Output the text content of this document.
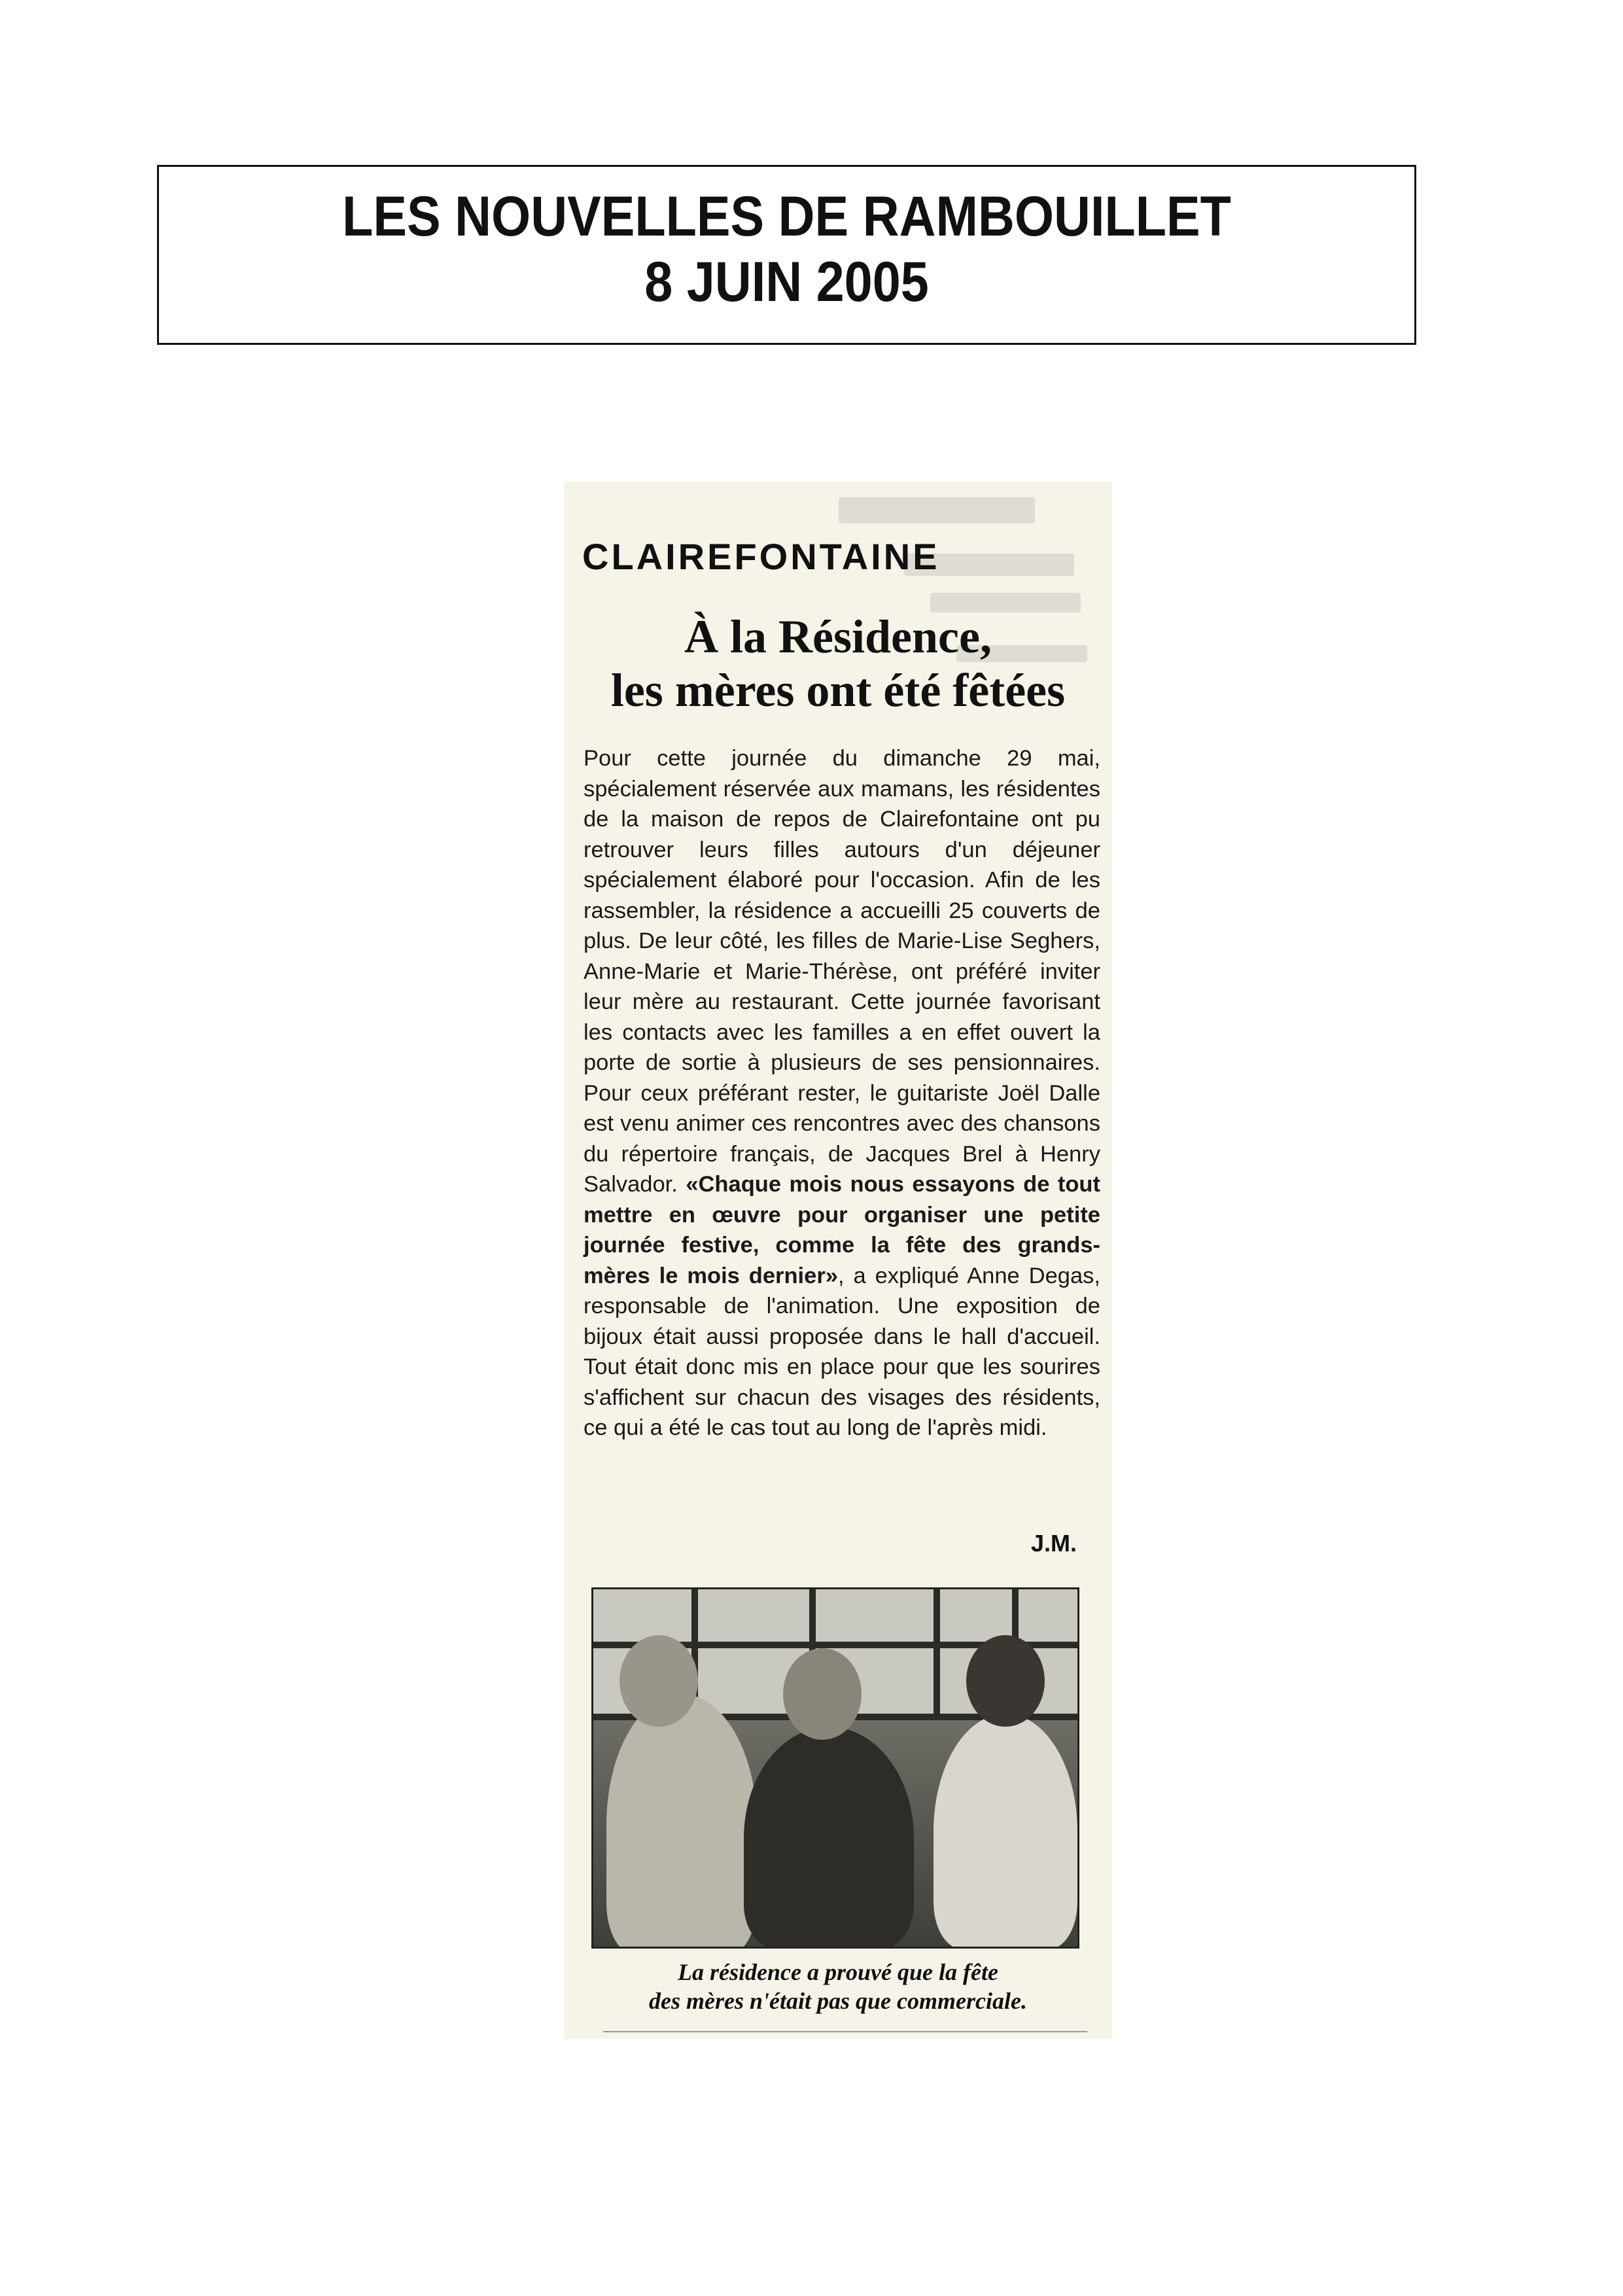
LES NOUVELLES DE RAMBOUILLET
8 JUIN 2005
CLAIREFONTAINE
À la Résidence,
les mères ont été fêtées
Pour cette journée du dimanche 29 mai, spécialement réservée aux mamans, les résidentes de la maison de repos de Clairefontaine ont pu retrouver leurs filles autours d'un déjeuner spécialement élaboré pour l'occasion. Afin de les rassembler, la résidence a accueilli 25 couverts de plus. De leur côté, les filles de Marie-Lise Seghers, Anne-Marie et Marie-Thérèse, ont préféré inviter leur mère au restaurant. Cette journée favorisant les contacts avec les familles a en effet ouvert la porte de sortie à plusieurs de ses pensionnaires. Pour ceux préférant rester, le guitariste Joël Dalle est venu animer ces rencontres avec des chansons du répertoire français, de Jacques Brel à Henry Salvador. «Chaque mois nous essayons de tout mettre en œuvre pour organiser une petite journée festive, comme la fête des grands-mères le mois dernier», a expliqué Anne Degas, responsable de l'animation. Une exposition de bijoux était aussi proposée dans le hall d'accueil. Tout était donc mis en place pour que les sourires s'affichent sur chacun des visages des résidents, ce qui a été le cas tout au long de l'après midi.
J.M.
La résidence a prouvé que la fête
des mères n'était pas que commerciale.
